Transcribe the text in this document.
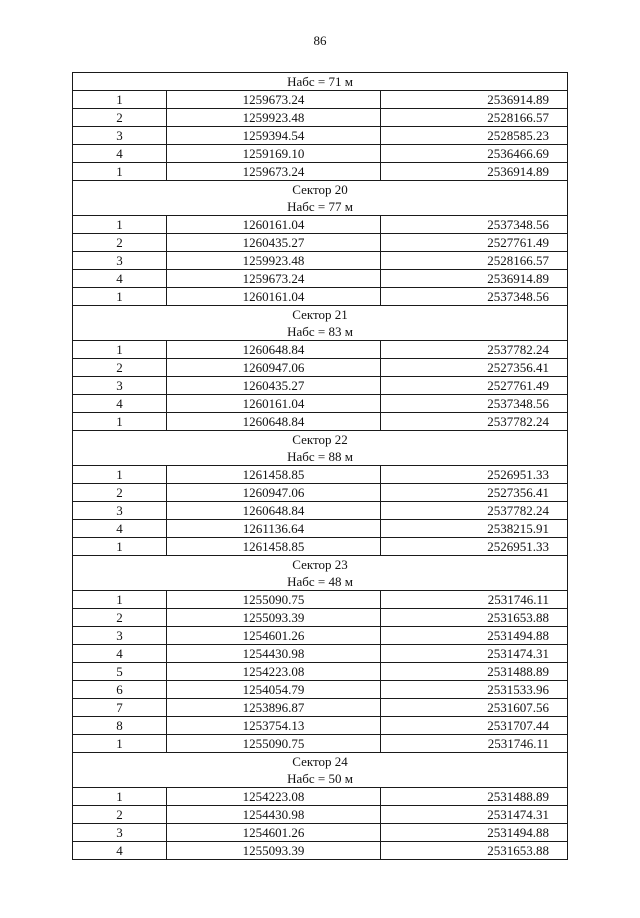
86
Набс = 71 м		

1	1259673.24	2536914.89
2	1259923.48	2528166.57
3	1259394.54	2528585.23
4	1259169.10	2536466.69
1	1259673.24	2536914.89

Сектор 20
Набс = 77 м		

1	1260161.04	2537348.56
2	1260435.27	2527761.49
3	1259923.48	2528166.57
4	1259673.24	2536914.89
1	1260161.04	2537348.56

Сектор 21
Набс = 83 м		

1	1260648.84	2537782.24
2	1260947.06	2527356.41
3	1260435.27	2527761.49
4	1260161.04	2537348.56
1	1260648.84	2537782.24

Сектор 22
Набс = 88 м		

1	1261458.85	2526951.33
2	1260947.06	2527356.41
3	1260648.84	2537782.24
4	1261136.64	2538215.91
1	1261458.85	2526951.33

Сектор 23
Набс = 48 м		

1	1255090.75	2531746.11
2	1255093.39	2531653.88
3	1254601.26	2531494.88
4	1254430.98	2531474.31
5	1254223.08	2531488.89
6	1254054.79	2531533.96
7	1253896.87	2531607.56
8	1253754.13	2531707.44
1	1255090.75	2531746.11

Сектор 24
Набс = 50 м		

1	1254223.08	2531488.89
2	1254430.98	2531474.31
3	1254601.26	2531494.88
4	1255093.39	2531653.88
